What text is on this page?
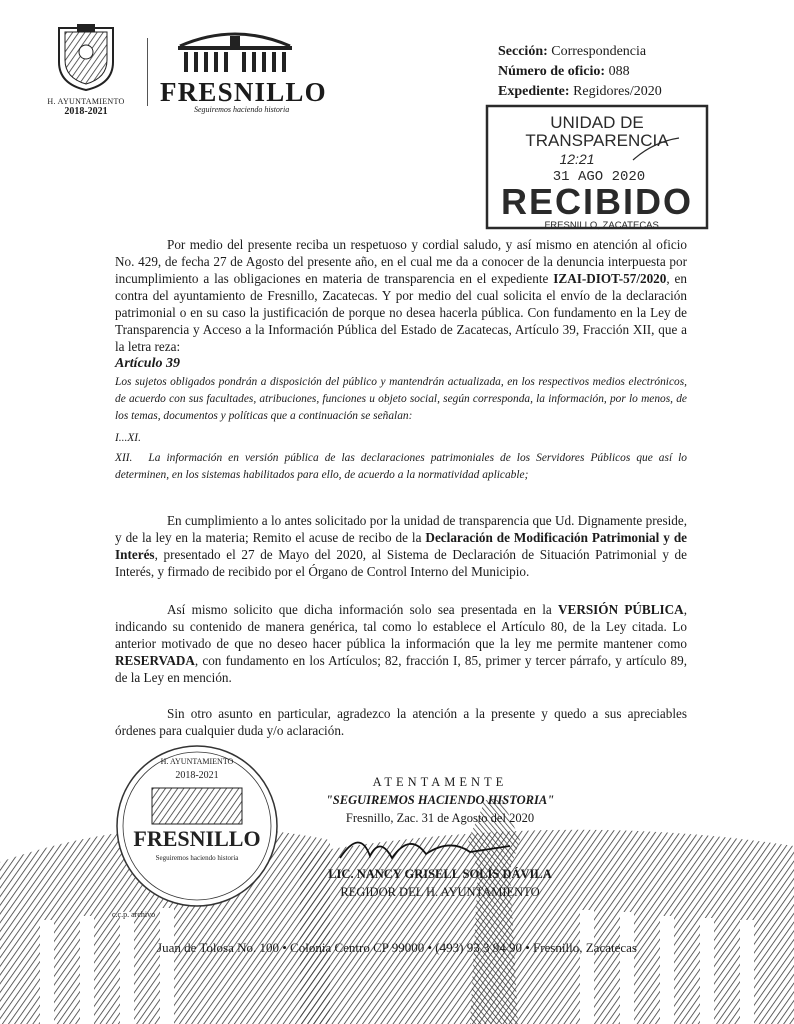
H. AYUNTAMIENTO
2018-2021
FRESNILLO
Seguiremos haciendo historia
Sección: Correspondencia
Número de oficio: 088
Expediente: Regidores/2020
UNIDAD DE
TRANSPARENCIA
12:21
31 AGO 2020
RECIBIDO
FRESNILLO, ZACATECAS.
Por medio del presente reciba un respetuoso y cordial saludo, y así mismo en atención al oficio No. 429, de fecha 27 de Agosto del presente año, en el cual me da a conocer de la denuncia interpuesta por incumplimiento a las obligaciones en materia de transparencia en el expediente IZAI-DIOT-57/2020, en contra del ayuntamiento de Fresnillo, Zacatecas. Y por medio del cual solicita el envío de la declaración patrimonial o en su caso la justificación de porque no desea hacerla pública. Con fundamento en la Ley de Transparencia y Acceso a la Información Pública del Estado de Zacatecas, Artículo 39, Fracción XII, que a la letra reza:
Artículo 39
Los sujetos obligados pondrán a disposición del público y mantendrán actualizada, en los respectivos medios electrónicos, de acuerdo con sus facultades, atribuciones, funciones u objeto social, según corresponda, la información, por lo menos, de los temas, documentos y políticas que a continuación se señalan:
I...XI.
XII. La información en versión pública de las declaraciones patrimoniales de los Servidores Públicos que así lo determinen, en los sistemas habilitados para ello, de acuerdo a la normatividad aplicable;
En cumplimiento a lo antes solicitado por la unidad de transparencia que Ud. Dignamente preside, y de la ley en la materia; Remito el acuse de recibo de la Declaración de Modificación Patrimonial y de Interés, presentado el 27 de Mayo del 2020, al Sistema de Declaración de Situación Patrimonial y de Interés, y firmado de recibido por el Órgano de Control Interno del Municipio.
Así mismo solicito que dicha información solo sea presentada en la VERSIÓN PÚBLICA, indicando su contenido de manera genérica, tal como lo establece el Artículo 80, de la Ley citada. Lo anterior motivado de que no deseo hacer pública la información que la ley me permite mantener como RESERVADA, con fundamento en los Artículos; 82, fracción I, 85, primer y tercer párrafo, y artículo 89, de la Ley en mención.
Sin otro asunto en particular, agradezco la atención a la presente y quedo a sus apreciables órdenes para cualquier duda y/o aclaración.
H. AYUNTAMIENTO
2018-2021
FRESNILLO
Seguiremos haciendo historia
ATENTAMENTE
"SEGUIREMOS HACIENDO HISTORIA"
Fresnillo, Zac. 31 de Agosto del 2020
LIC. NANCY GRISELL SOLÍS DÁVILA
REGIDOR DEL H. AYUNTAMIENTO
c.c.p. archivo
Juan de Tolosa No. 100 • Colonia Centro CP 99000 • (493) 93 3 94 90 • Fresnillo, Zacatecas
